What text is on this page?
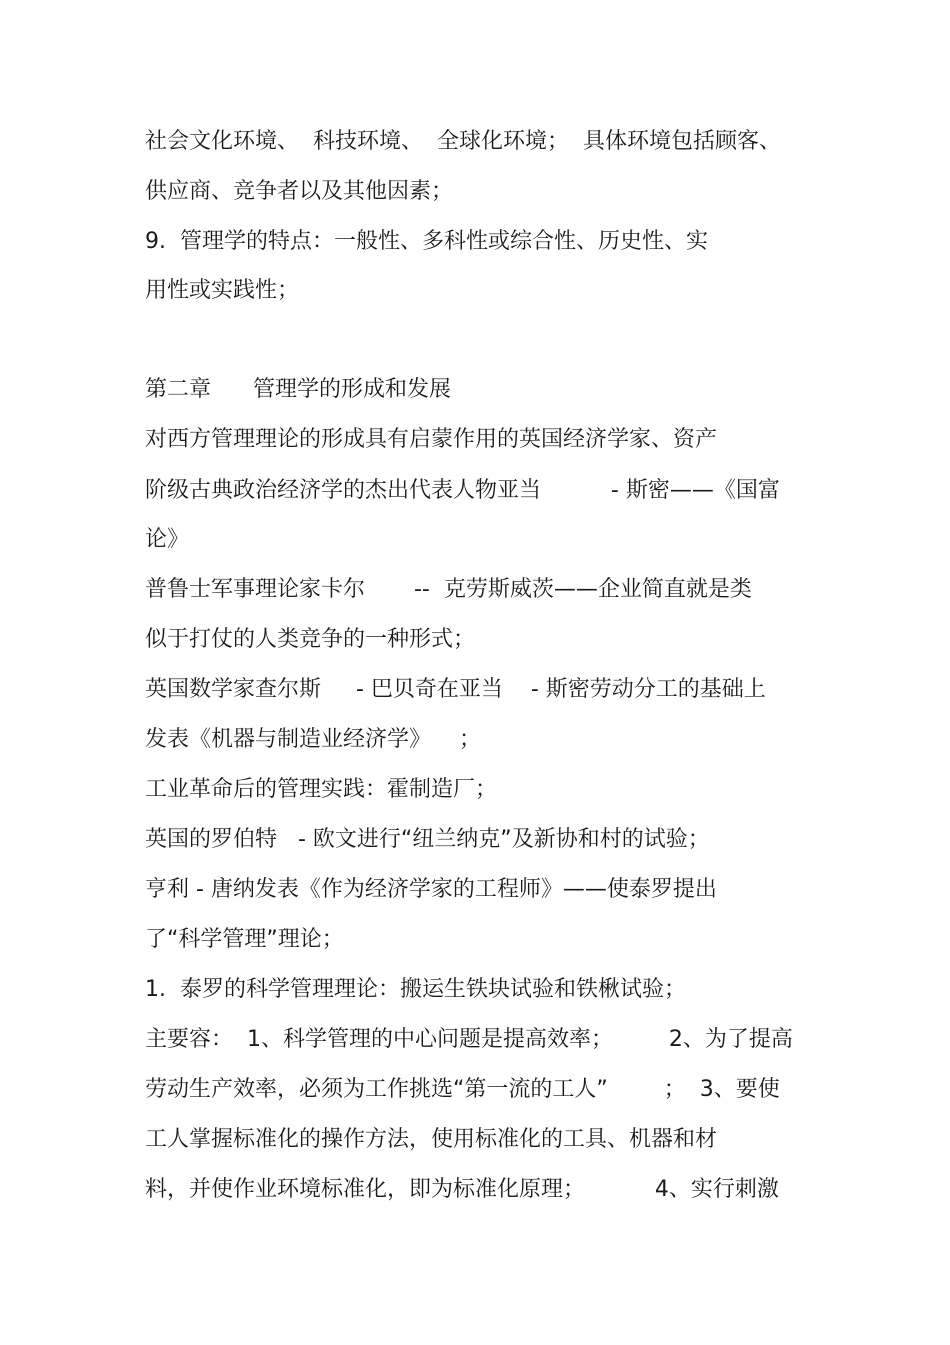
社会文化环境、  科技环境、  全球化环境；  具体环境包括顾客、
供应商、竞争者以及其他因素；
9.  管理学的特点：一般性、多科性或综合性、历史性、实
用性或实践性；
第二章      管理学的形成和发展
对西方管理理论的形成具有启蒙作用的英国经济学家、资产
阶级古典政治经济学的杰出代表人物亚当          - 斯密——《国富
论》
普鲁士军事理论家卡尔       --  克劳斯威茨——企业简直就是类
似于打仗的人类竞争的一种形式；
英国数学家查尔斯     - 巴贝奇在亚当    - 斯密劳动分工的基础上
发表《机器与制造业经济学》    ；
工业革命后的管理实践：霍制造厂；
英国的罗伯特   - 欧文进行“纽兰纳克”及新协和村的试验；
亨利 - 唐纳发表《作为经济学家的工程师》——使泰罗提出
了“科学管理”理论；
1.  泰罗的科学管理理论：搬运生铁块试验和铁楸试验；
主要容：  1、科学管理的中心问题是提高效率；        2、为了提高
劳动生产效率，必须为工作挑选“第一流的工人”        ；  3、要使
工人掌握标准化的操作方法，使用标准化的工具、机器和材
料，并使作业环境标准化，即为标准化原理；          4、实行刺激
